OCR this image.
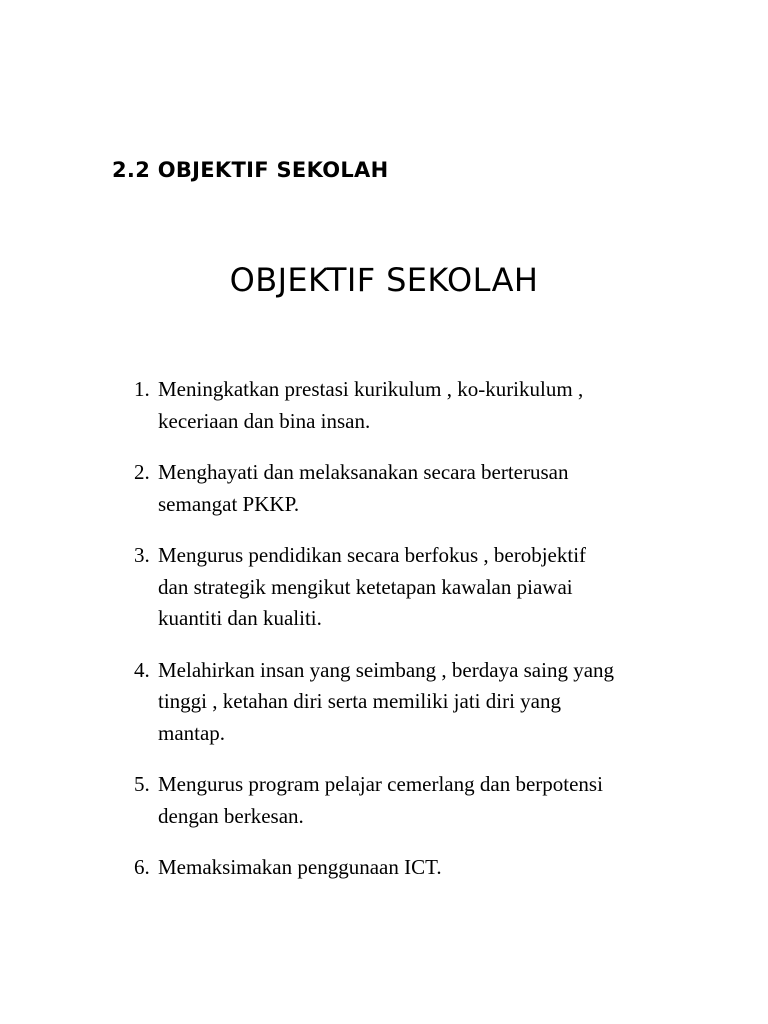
2.2 OBJEKTIF SEKOLAH
OBJEKTIF SEKOLAH
1. Meningkatkan prestasi kurikulum , ko-kurikulum ,
keceriaan dan bina insan.
2. Menghayati dan melaksanakan secara berterusan
semangat PKKP.
3. Mengurus pendidikan secara berfokus , berobjektif
dan strategik mengikut ketetapan kawalan piawai
kuantiti dan kualiti.
4. Melahirkan insan yang seimbang , berdaya saing yang
tinggi , ketahan diri serta memiliki jati diri yang
mantap.
5. Mengurus program pelajar cemerlang dan berpotensi
dengan berkesan.
6. Memaksimakan penggunaan ICT.
